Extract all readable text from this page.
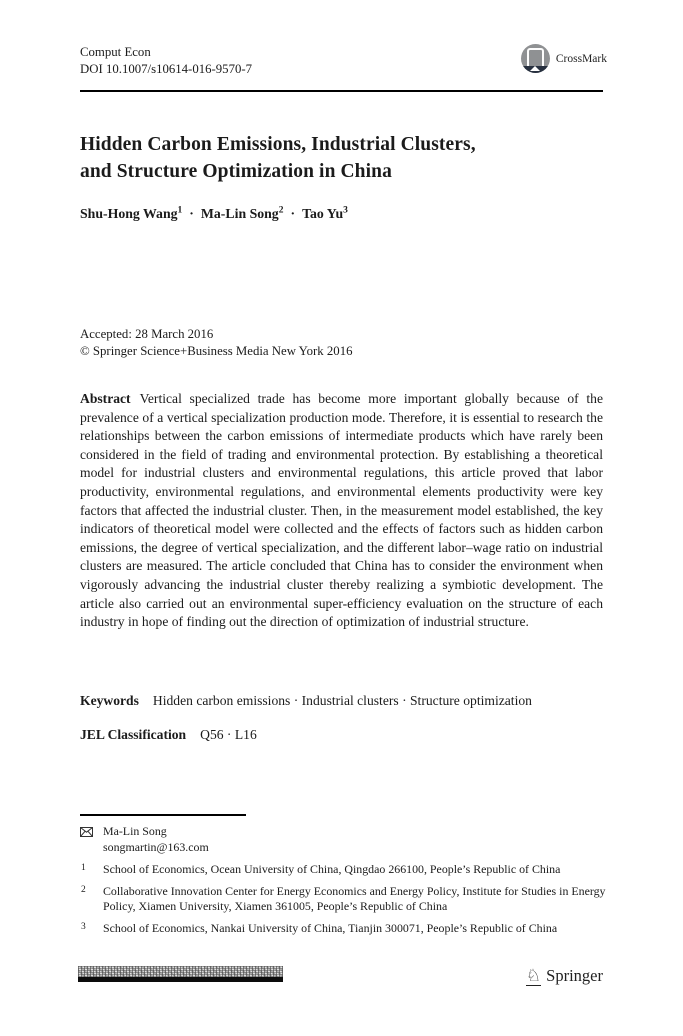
Comput Econ
DOI 10.1007/s10614-016-9570-7
CrossMark
Hidden Carbon Emissions, Industrial Clusters,
and Structure Optimization in China
Shu-Hong Wang$^1$ · Ma-Lin Song$^2$ · Tao Yu$^3$
Accepted: 28 March 2016
© Springer Science+Business Media New York 2016

Abstract Vertical specialized trade has become more important globally because of the prevalence of a vertical specialization production mode. Therefore, it is essential to research the relationships between the carbon emissions of intermediate products which have rarely been considered in the field of trading and environmental protection. By establishing a theoretical model for industrial clusters and environmental regulations, this article proved that labor productivity, environmental regulations, and environmental elements productivity were key factors that affected the industrial cluster. Then, in the measurement model established, the key indicators of theoretical model were collected and the effects of factors such as hidden carbon emissions, the degree of vertical specialization, and the different labor–wage ratio on industrial clusters are measured. The article concluded that China has to consider the environment when vigorously advancing the industrial cluster thereby realizing a symbiotic development. The article also carried out an environmental super-efficiency evaluation on the structure of each industry in hope of finding out the direction of optimization of industrial structure.

Keywords Hidden carbon emissions · Industrial clusters · Structure optimization
JEL Classification Q56 · L16
Ma-Lin Song
songmartin@163.com
1 School of Economics, Ocean University of China, Qingdao 266100, People’s Republic of China
2 Collaborative Innovation Center for Energy Economics and Energy Policy, Institute for Studies in Energy Policy, Xiamen University, Xiamen 361005, People’s Republic of China
3 School of Economics, Nankai University of China, Tianjin 300071, People’s Republic of China
♘ Springer
